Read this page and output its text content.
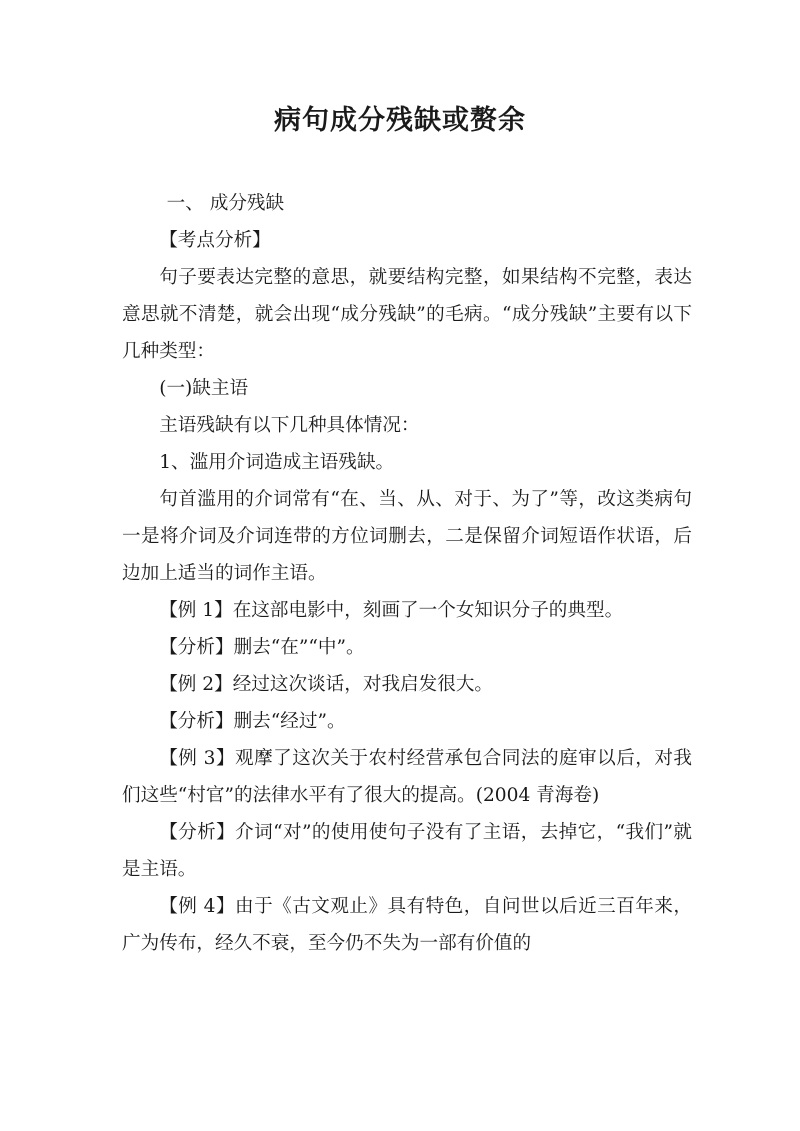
病句成分残缺或赘余

一、 成分残缺

【考点分析】

句子要表达完整的意思，就要结构完整，如果结构不完整，表达意思就不清楚，就会出现“成分残缺”的毛病。“成分残缺”主要有以下几种类型：

(一)缺主语

主语残缺有以下几种具体情况：

1、滥用介词造成主语残缺。

句首滥用的介词常有“在、当、从、对于、为了”等，改这类病句一是将介词及介词连带的方位词删去，二是保留介词短语作状语，后边加上适当的词作主语。

【例 1】在这部电影中，刻画了一个女知识分子的典型。

【分析】删去“在”“中”。

【例 2】经过这次谈话，对我启发很大。

【分析】删去“经过”。

【例 3】观摩了这次关于农村经营承包合同法的庭审以后，对我们这些“村官”的法律水平有了很大的提高。(2004 青海卷)

【分析】介词“对”的使用使句子没有了主语，去掉它，“我们”就是主语。

【例 4】由于《古文观止》具有特色，自问世以后近三百年来，广为传布，经久不衰，至今仍不失为一部有价值的
